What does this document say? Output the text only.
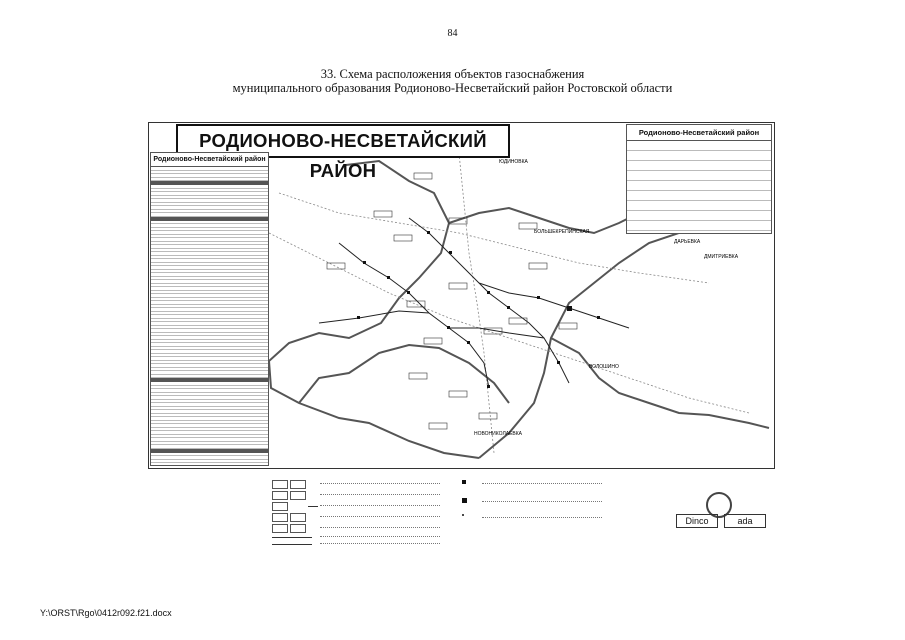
84
33. Схема расположения объектов газоснабжения
муниципального образования Родионово-Несветайский район Ростовской области
БОЛЬШЕКРЕПИНСКАЯ
ДАРЬЕВКА
ДМИТРИЕВКА
НОВОНИКОЛАЕВКА
ВОЛОШИНО
ЮДИНОВКА
РОДИОНОВО-НЕСВЕТАЙСКИЙ РАЙОН
Родионово-Несветайский район
Родионово-Несветайский район
Dinco	ada
Y:\ORST\Rgo\0412r092.f21.docx
